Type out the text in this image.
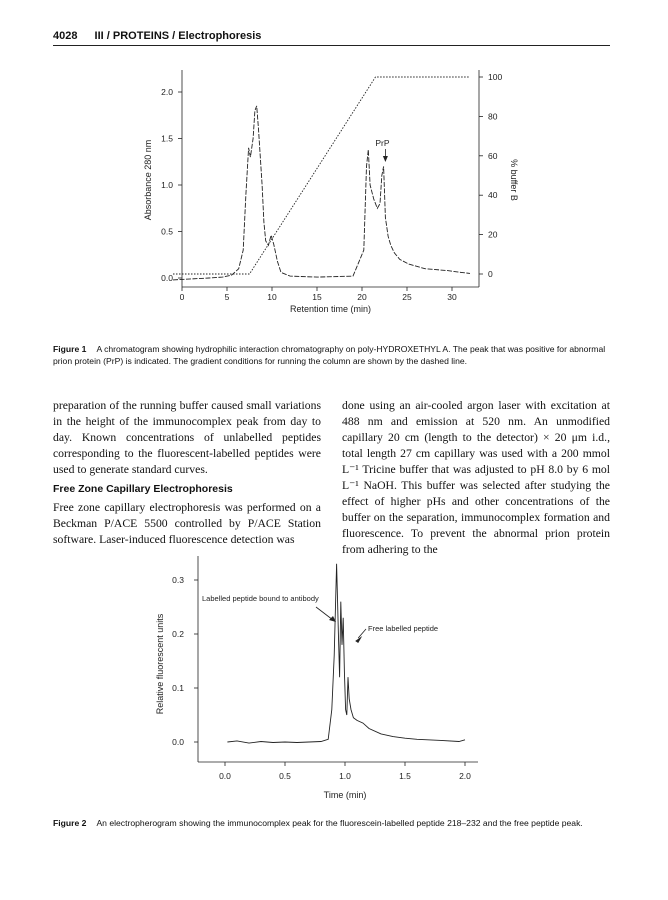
4028 III / PROTEINS / Electrophoresis
0	5	10	15	20	25	30
0.0
0.5
1.0
1.5
2.0
0
20
40
60
80
100
Retention time (min)
Absorbance 280 nm	% buffer B
PrP
Figure 1 A chromatogram showing hydrophilic interaction chromatography on poly-HYDROXETHYL A. The peak that was positive for abnormal prion protein (PrP) is indicated. The gradient conditions for running the column are shown by the dashed line.

preparation of the running buffer caused small variations in the height of the immunocomplex peak from day to day. Known concentrations of unlabelled peptides corresponding to the fluorescent-labelled peptides were used to generate standard curves.

Free Zone Capillary Electrophoresis

Free zone capillary electrophoresis was performed on a Beckman P/ACE 5500 controlled by P/ACE Station software. Laser-induced fluorescence detection was

done using an air-cooled argon laser with excitation at 488 nm and emission at 520 nm. An unmodified capillary 20 cm (length to the detector) × 20 μm i.d., total length 27 cm capillary was used with a 200 mmol L⁻¹ Tricine buffer that was adjusted to pH 8.0 by 6 mol L⁻¹ NaOH. This buffer was selected after studying the effect of higher pHs and other concentrations of the buffer on the separation, immunocomplex formation and fluorescence. To prevent the abnormal prion protein from adhering to the

0.0	0.5	1.0	1.5	2.0
0.0
0.1
0.2
0.3
Time (min)
Relative fluorescent units
Labelled peptide bound to antibody
Free labelled peptide
Figure 2 An electropherogram showing the immunocomplex peak for the fluorescein-labelled peptide 218–232 and the free peptide peak.
